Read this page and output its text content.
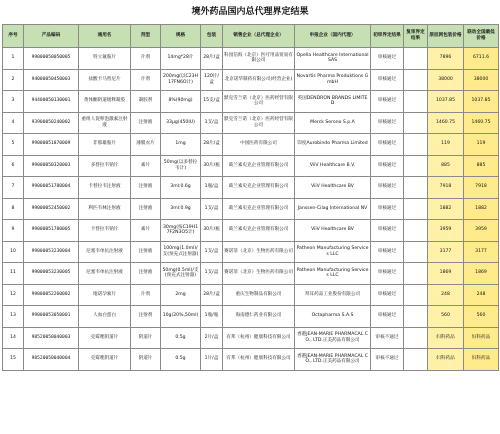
境外药品国内总代理界定结果
序号	产品编码	通用名	剂型	规格	包装	销售企业（总代理企业）	申报企业（国内代理）	初审界定结果	复审界定结果	原挂网包装价格	联动全国最低价格
1	99000050050005	特立氟胺片	片剂	14mg*28片	28片/盒	科园信海（北京）医疗用品贸易有限公司	Opella Healthcare International SAS	审核通过		7896	6711.6
2	94000050450003	盐酸卡马替尼片	片剂	200mg(以C23H17FN6O计)	120片/盒	北京诺华制药有限公司(经营企业)	Novartis Pharma Produktions GmbH	审核通过		38000	38000
3	94400050130001	黄体酮阴道缓释凝胶	凝胶剂	8%(90mg)	15支/盒	默克雪兰诺（北京）医药经营有限公司	英国DENDRON BRANDS LIMITED	审核通过		1037.85	1037.85
4	93900050240002	重组人促卵泡激素注射液	注射液	33μg(450IU)	1支/盒	默克雪兰诺（北京）医药经营有限公司	Merck Serono S.p.A	审核通过		1460.75	1460.75
5	99000051870009	非那雄胺片	薄膜衣片	1mg	28片/盒	中国医药有限公司	印度Aurobindo Pharma Limited	审核通过		119	119
6	99000050320003	多替拉韦钠片	素片	50mg(以多替拉韦计)	30片/瓶	葛兰素史克企业管理有限公司	ViiV Healthcare B.V.	审核通过		885	885
7	99000051780004	卡替拉韦注射液	注射液	3ml:0.6g	1瓶/盒	葛兰素史克企业管理有限公司	ViiV Healthcare BV	审核通过		7918	7918
8	99000052450002	利匹韦林注射液	注射液	3ml:0.9g	1支/盒	葛兰素史克企业管理有限公司	Janssen-Cilag International NV	审核通过		1882	1882
9	99000051780005	卡替拉韦钠片	素片	30mg(按C19H17F2N3O5计)	30片/瓶	葛兰素史克企业管理有限公司	ViiV Healthcare BV	审核通过		3959	3959
10	99000053230004	尼塞韦单抗注射液	注射液	100mg(1.0ml)/支(预充式注射器)	1支/盒	赛诺菲（北京）生物医药有限公司	Patheon Manufacturing Services LLC	审核通过		3177	3177
11	99000053230005	尼塞韦单抗注射液	注射液	50mg(0.5ml)/支(预充式注射器)	1支/盒	赛诺菲（北京）生物医药有限公司	Patheon Manufacturing Services LLC	审核通过		1869	1869
12	99000052260002	地诺孕素片	片剂	2mg	28片/盒	重庆生物制品有限公司	拜耳药品工业股份有限公司	审核通过		248	248
13	99000053050001	人血白蛋白	注射剂	10g(20%,50ml)	1瓶/瓶	海南德仁药业有限公司	Octapharma S.A.S	审核通过		560	560
14	98520050040003	克霉唑阴道片	阴道片	0.5g	2片/盒	有邦（杭州）健康科技有限公司	香港JEAN-MARIE PHARMACAL CO., LTD.正美药品有限公司	审核不通过		妇科药品	妇科药品
15	98520050040004	克霉唑阴道片	阴道片	0.5g	1片/盒	有邦（杭州）健康科技有限公司	香港JEAN-MARIE PHARMACAL CO., LTD.正美药品有限公司	审核不通过		妇科药品	妇科药品
